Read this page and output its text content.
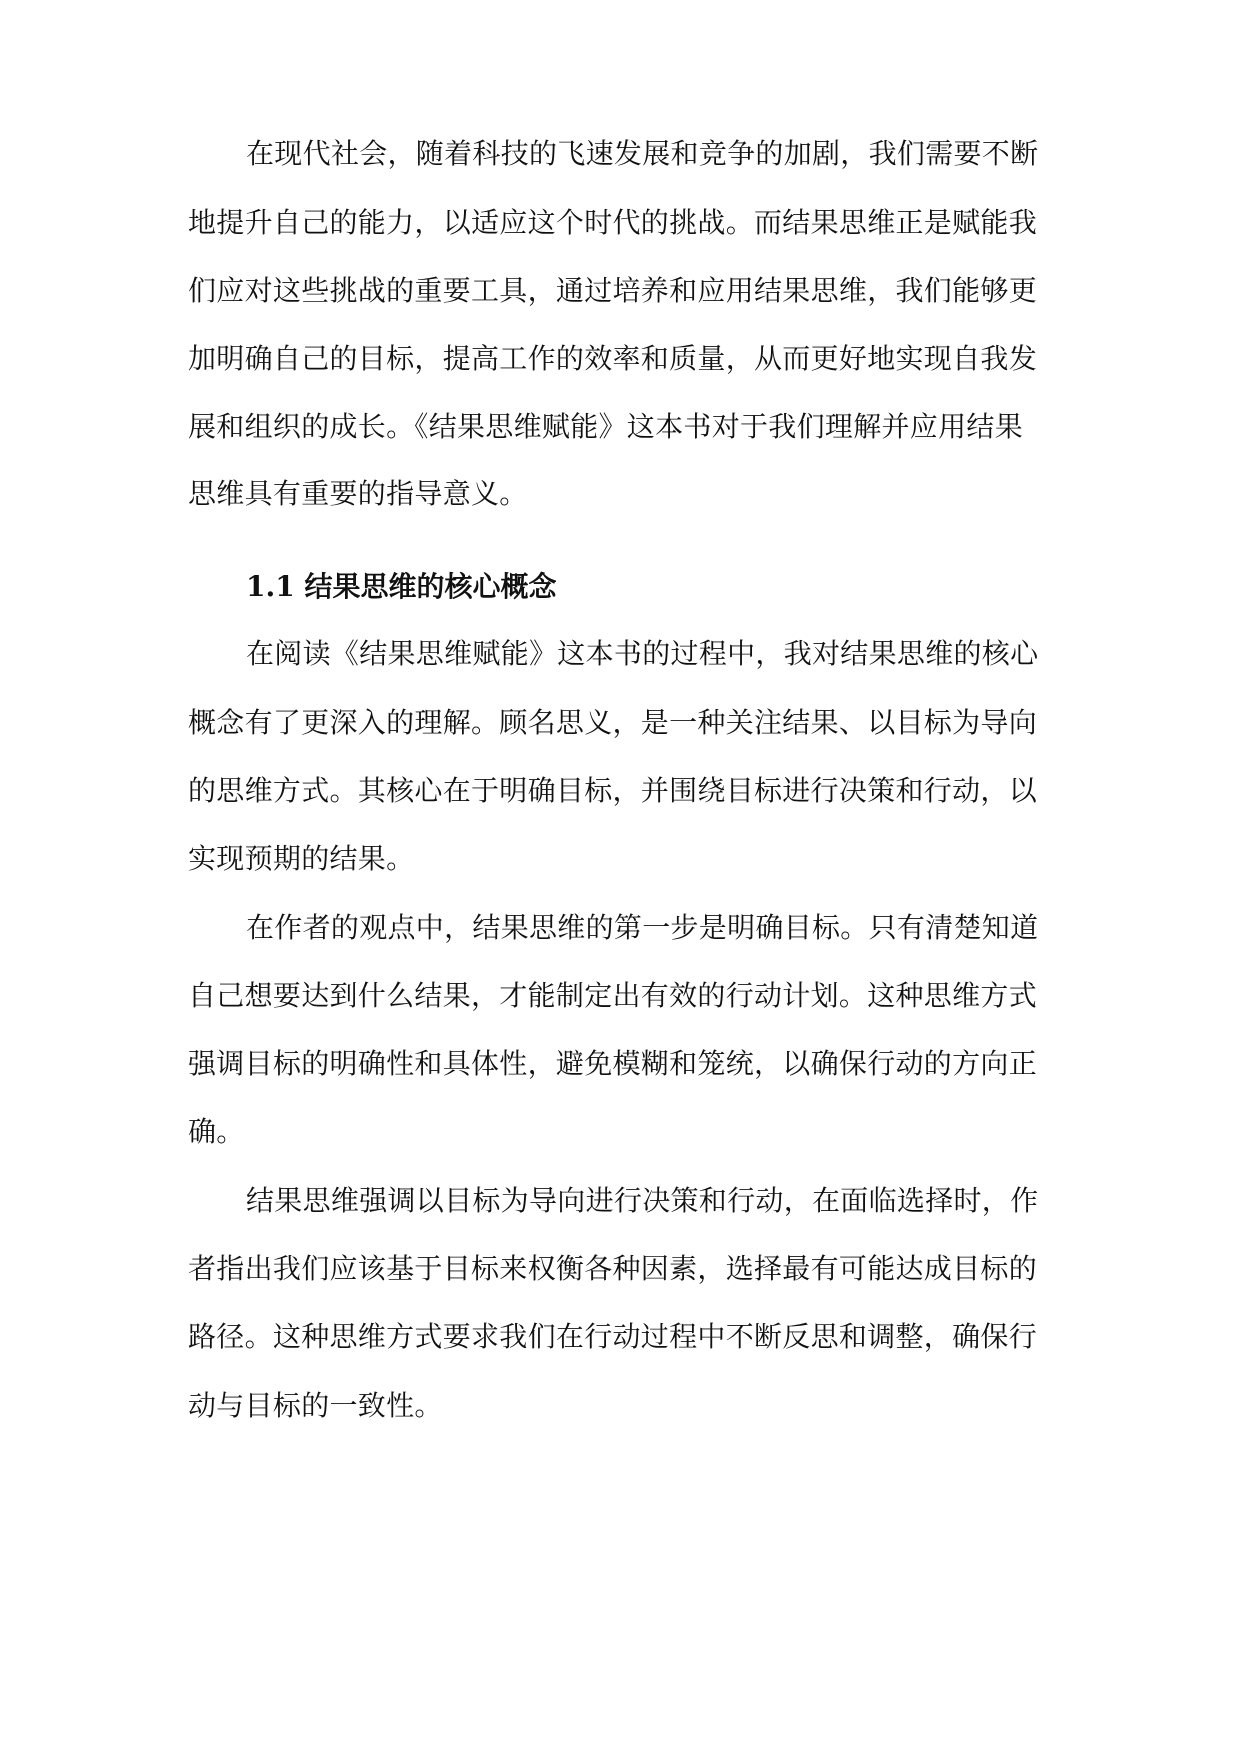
在现代社会，随着科技的飞速发展和竞争的加剧，我们需要不断
地提升自己的能力，以适应这个时代的挑战。而结果思维正是赋能我
们应对这些挑战的重要工具，通过培养和应用结果思维，我们能够更
加明确自己的目标，提高工作的效率和质量，从而更好地实现自我发
展和组织的成长。《结果思维赋能》这本书对于我们理解并应用结果
思维具有重要的指导意义。
1.1 结果思维的核心概念
在阅读《结果思维赋能》这本书的过程中，我对结果思维的核心
概念有了更深入的理解。顾名思义，是一种关注结果、以目标为导向
的思维方式。其核心在于明确目标，并围绕目标进行决策和行动，以
实现预期的结果。
在作者的观点中，结果思维的第一步是明确目标。只有清楚知道
自己想要达到什么结果，才能制定出有效的行动计划。这种思维方式
强调目标的明确性和具体性，避免模糊和笼统，以确保行动的方向正
确。
结果思维强调以目标为导向进行决策和行动，在面临选择时，作
者指出我们应该基于目标来权衡各种因素，选择最有可能达成目标的
路径。这种思维方式要求我们在行动过程中不断反思和调整，确保行
动与目标的一致性。
